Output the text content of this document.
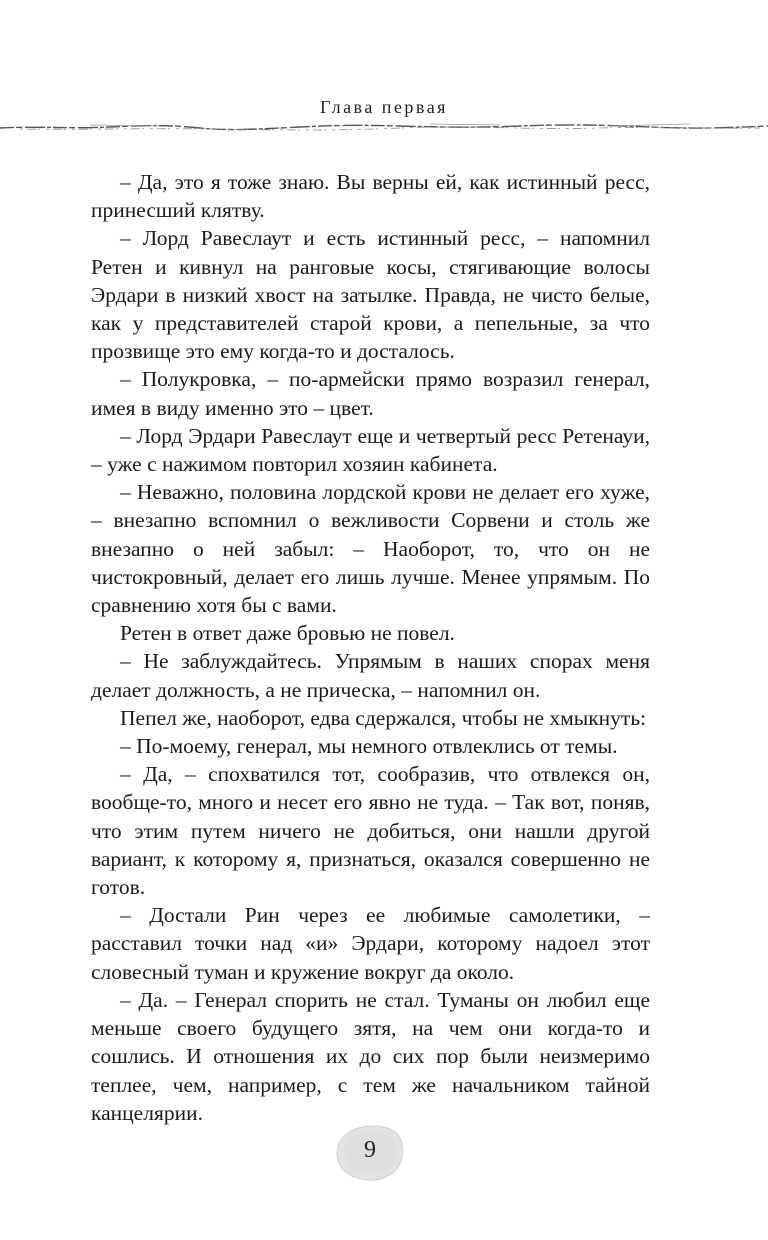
Глава первая

– Да, это я тоже знаю. Вы верны ей, как истинный ресс, принесший клятву.

– Лорд Равеслаут и есть истинный ресс, – напомнил Ретен и кивнул на ранговые косы, стягивающие волосы Эрдари в низкий хвост на затылке. Правда, не чисто белые, как у представителей старой крови, а пепельные, за что прозвище это ему когда-то и досталось.

– Полукровка, – по-армейски прямо возразил генерал, имея в виду именно это – цвет.

– Лорд Эрдари Равеслаут еще и четвертый ресс Ретенауи, – уже с нажимом повторил хозяин кабинета.

– Неважно, половина лордской крови не делает его хуже, – внезапно вспомнил о вежливости Сорвени и столь же внезапно о ней забыл: – Наоборот, то, что он не чистокровный, делает его лишь лучше. Менее упрямым. По сравнению хотя бы с вами.

Ретен в ответ даже бровью не повел.

– Не заблуждайтесь. Упрямым в наших спорах меня делает должность, а не прическа, – напомнил он.

Пепел же, наоборот, едва сдержался, чтобы не хмыкнуть:

– По-моему, генерал, мы немного отвлеклись от темы.

– Да, – спохватился тот, сообразив, что отвлекся он, вообще-то, много и несет его явно не туда. – Так вот, поняв, что этим путем ничего не добиться, они нашли другой вариант, к которому я, признаться, оказался совершенно не готов.

– Достали Рин через ее любимые самолетики, – расставил точки над «и» Эрдари, которому надоел этот словесный туман и кружение вокруг да около.

– Да. – Генерал спорить не стал. Туманы он любил еще меньше своего будущего зятя, на чем они когда-то и сошлись. И отношения их до сих пор были неизмеримо теплее, чем, например, с тем же начальником тайной канцелярии.

9
